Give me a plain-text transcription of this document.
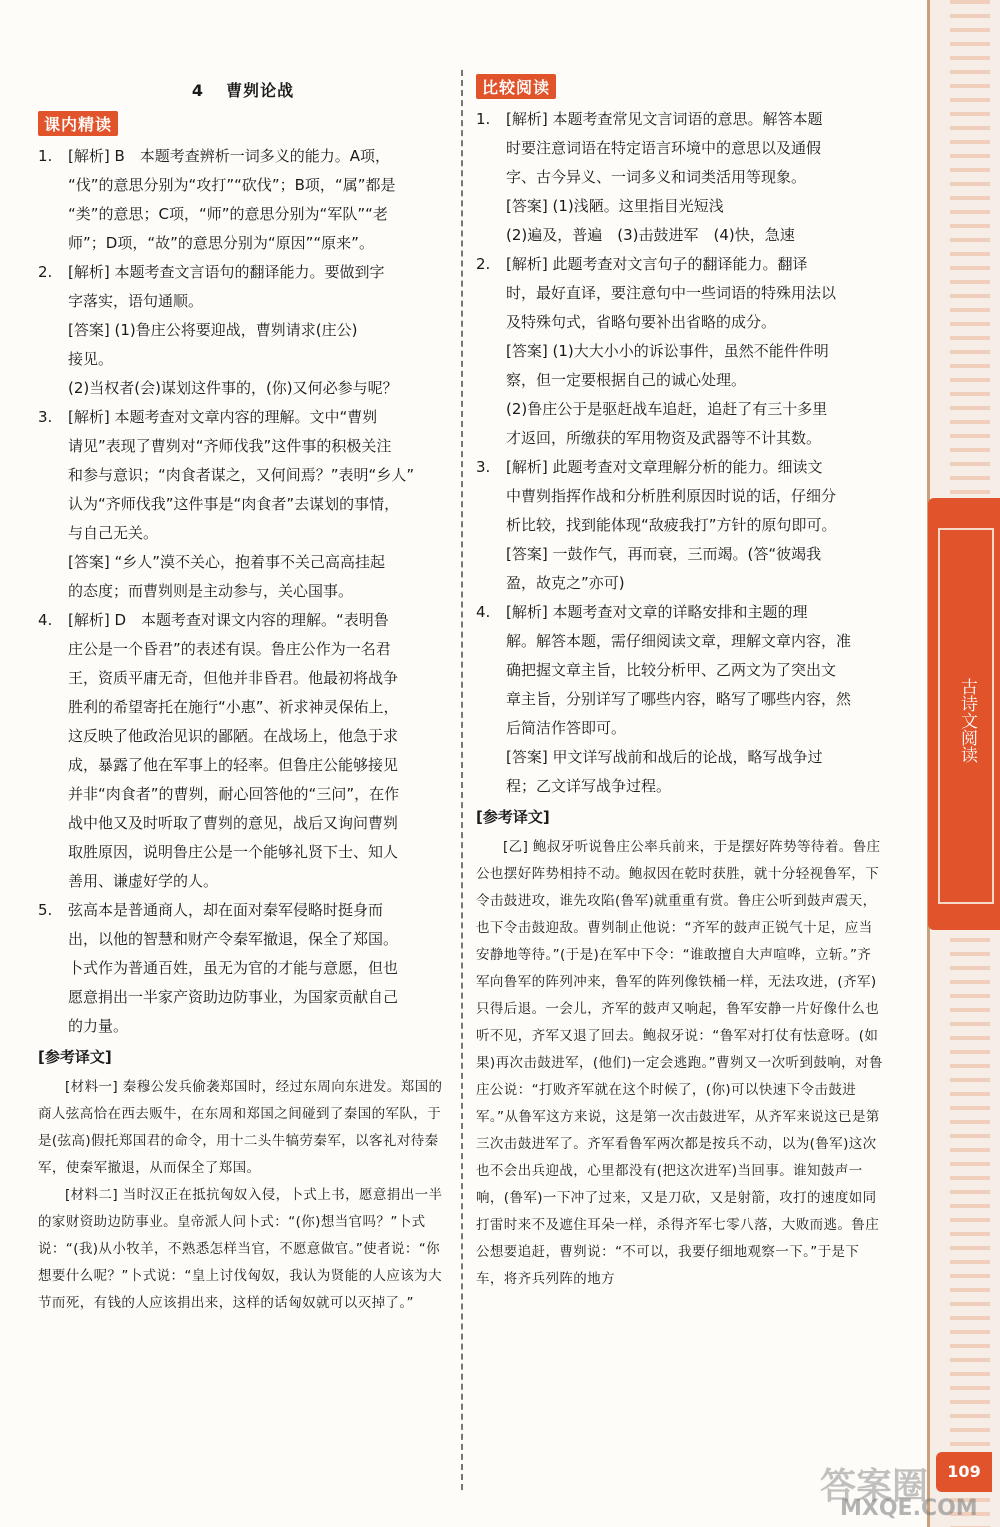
4 曹刿论战
课内精读
1.	[解析] B　本题考查辨析一词多义的能力。A项，

“伐”的意思分别为“攻打”“砍伐”；B项，“属”都是

“类”的意思；C项，“师”的意思分别为“军队”“老

师”；D项，“故”的意思分别为“原因”“原来”。

2.	[解析] 本题考查文言语句的翻译能力。要做到字

字落实，语句通顺。

[答案] (1)鲁庄公将要迎战，曹刿请求(庄公)

接见。

(2)当权者(会)谋划这件事的，(你)又何必参与呢？

3.	[解析] 本题考查对文章内容的理解。文中“曹刿

请见”表现了曹刿对“齐师伐我”这件事的积极关注

和参与意识；“肉食者谋之，又何间焉？”表明“乡人”

认为“齐师伐我”这件事是“肉食者”去谋划的事情，

与自己无关。

[答案] “乡人”漠不关心，抱着事不关己高高挂起

的态度；而曹刿则是主动参与，关心国事。

4.	[解析] D　本题考查对课文内容的理解。“表明鲁

庄公是一个昏君”的表述有误。鲁庄公作为一名君

王，资质平庸无奇，但他并非昏君。他最初将战争

胜利的希望寄托在施行“小惠”、祈求神灵保佑上，

这反映了他政治见识的鄙陋。在战场上，他急于求

成，暴露了他在军事上的轻率。但鲁庄公能够接见

并非“肉食者”的曹刿，耐心回答他的“三问”，在作

战中他又及时听取了曹刿的意见，战后又询问曹刿

取胜原因，说明鲁庄公是一个能够礼贤下士、知人

善用、谦虚好学的人。

5.	弦高本是普通商人，却在面对秦军侵略时挺身而

出，以他的智慧和财产令秦军撤退，保全了郑国。

卜式作为普通百姓，虽无为官的才能与意愿，但也

愿意捐出一半家产资助边防事业，为国家贡献自己

的力量。

[参考译文]

[材料一] 秦穆公发兵偷袭郑国时，经过东周向东进发。郑国的商人弦高恰在西去贩牛，在东周和郑国之间碰到了秦国的军队，于是(弦高)假托郑国君的命令，用十二头牛犒劳秦军，以客礼对待秦军，使秦军撤退，从而保全了郑国。

[材料二] 当时汉正在抵抗匈奴入侵，卜式上书，愿意捐出一半的家财资助边防事业。皇帝派人问卜式：“(你)想当官吗？”卜式说：“(我)从小牧羊，不熟悉怎样当官，不愿意做官。”使者说：“你想要什么呢？”卜式说：“皇上讨伐匈奴，我认为贤能的人应该为大节而死，有钱的人应该捐出来，这样的话匈奴就可以灭掉了。”

比较阅读
1.	[解析] 本题考查常见文言词语的意思。解答本题

时要注意词语在特定语言环境中的意思以及通假

字、古今异义、一词多义和词类活用等现象。

[答案] (1)浅陋。这里指目光短浅

(2)遍及，普遍　(3)击鼓进军　(4)快，急速

2.	[解析] 此题考查对文言句子的翻译能力。翻译

时，最好直译，要注意句中一些词语的特殊用法以

及特殊句式，省略句要补出省略的成分。

[答案] (1)大大小小的诉讼事件，虽然不能件件明

察，但一定要根据自己的诚心处理。

(2)鲁庄公于是驱赶战车追赶，追赶了有三十多里

才返回，所缴获的军用物资及武器等不计其数。

3.	[解析] 此题考查对文章理解分析的能力。细读文

中曹刿指挥作战和分析胜利原因时说的话，仔细分

析比较，找到能体现“敌疲我打”方针的原句即可。

[答案] 一鼓作气，再而衰，三而竭。(答“彼竭我

盈，故克之”亦可)

4.	[解析] 本题考查对文章的详略安排和主题的理

解。解答本题，需仔细阅读文章，理解文章内容，准

确把握文章主旨，比较分析甲、乙两文为了突出文

章主旨，分别详写了哪些内容，略写了哪些内容，然

后简洁作答即可。

[答案] 甲文详写战前和战后的论战，略写战争过

程；乙文详写战争过程。

[参考译文]

[乙] 鲍叔牙听说鲁庄公率兵前来，于是摆好阵势等待着。鲁庄公也摆好阵势相持不动。鲍叔因在乾时获胜，就十分轻视鲁军，下令击鼓进攻，谁先攻陷(鲁军)就重重有赏。鲁庄公听到鼓声震天，也下令击鼓迎敌。曹刿制止他说：“齐军的鼓声正锐气十足，应当安静地等待。”(于是)在军中下令：“谁敢擅自大声喧哗，立斩。”齐军向鲁军的阵列冲来，鲁军的阵列像铁桶一样，无法攻进，(齐军)只得后退。一会儿，齐军的鼓声又响起，鲁军安静一片好像什么也听不见，齐军又退了回去。鲍叔牙说：“鲁军对打仗有怯意呀。(如果)再次击鼓进军，(他们)一定会逃跑。”曹刿又一次听到鼓响，对鲁庄公说：“打败齐军就在这个时候了，(你)可以快速下令击鼓进军。”从鲁军这方来说，这是第一次击鼓进军，从齐军来说这已是第三次击鼓进军了。齐军看鲁军两次都是按兵不动，以为(鲁军)这次也不会出兵迎战，心里都没有(把这次进军)当回事。谁知鼓声一响，(鲁军)一下冲了过来，又是刀砍，又是射箭，攻打的速度如同打雷时来不及遮住耳朵一样，杀得齐军七零八落，大败而逃。鲁庄公想要追赶，曹刿说：“不可以，我要仔细地观察一下。”于是下车，将齐兵列阵的地方

古诗文阅读
109
答案圈
MXQE.COM
